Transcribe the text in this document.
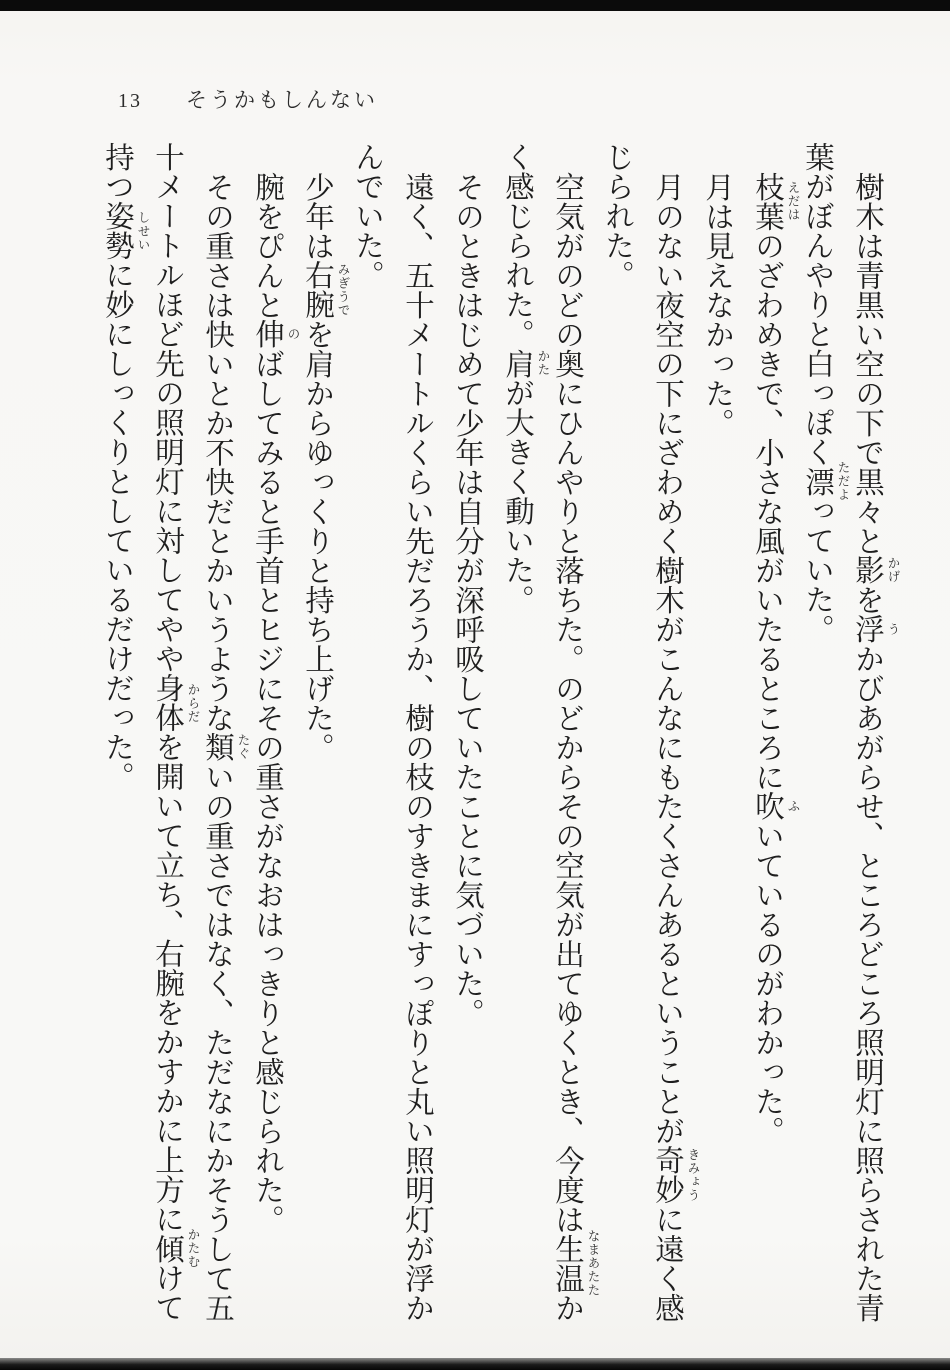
13 そうかもしんない

樹木は青黒い空の下で黒々と影 かげ
を浮 う
かびあがらせ、ところどころ照明灯に照らされた青葉がぼんやりと白っぽく漂 ただよ
っていた。

枝葉 えだは
のざわめきで、小さな風がいたるところに吹 ふ
いているのがわかった。

月は見えなかった。

月のない夜空の下にざわめく樹木がこんなにもたくさんあるということが奇妙 きみょう
に遠く感じられた。

空気がのどの奥にひんやりと落ちた。のどからその空気が出てゆくとき、今度は生温 なまあたた
かく感じられた。肩 かた
が大きく動いた。

そのときはじめて少年は自分が深呼吸していたことに気づいた。

遠く、五十メートルくらい先だろうか、樹の枝のすきまにすっぽりと丸い照明灯が浮かんでいた。

少年は右腕 みぎうで
を肩からゆっくりと持ち上げた。

腕をぴんと伸 の
ばしてみると手首とヒジにその重さがなおはっきりと感じられた。

その重さは快いとか不快だとかいうような類 たぐ
いの重さではなく、ただなにかそうして五十メートルほど先の照明灯に対してやや身体 からだ
を開いて立ち、右腕をかすかに上方に傾 かたむ
けて持つ姿勢 しせい
に妙にしっくりとしているだけだった。
